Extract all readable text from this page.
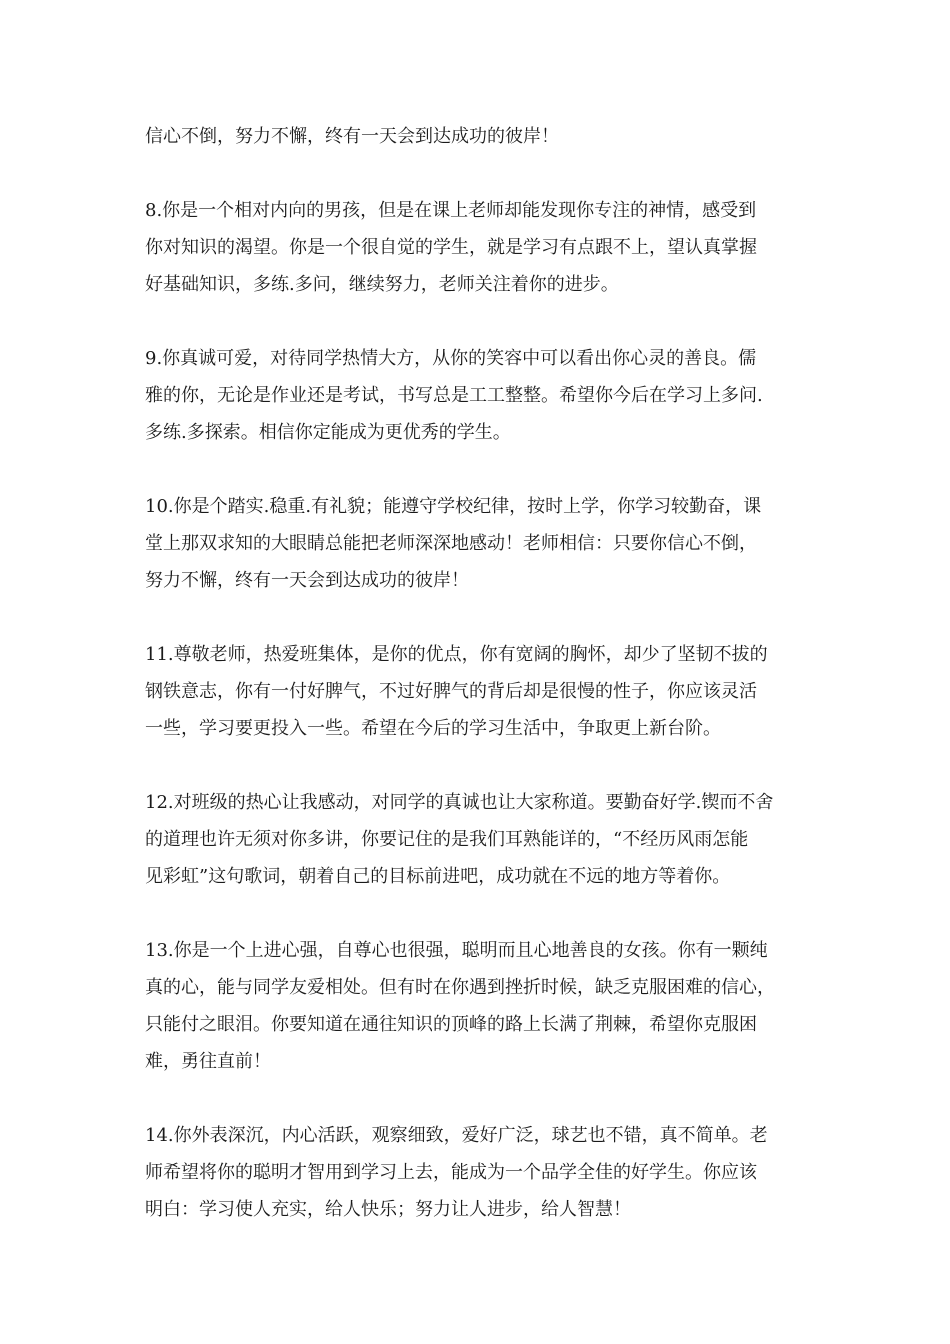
信心不倒，努力不懈，终有一天会到达成功的彼岸！
8.你是一个相对内向的男孩，但是在课上老师却能发现你专注的神情，感受到
你对知识的渴望。你是一个很自觉的学生，就是学习有点跟不上，望认真掌握
好基础知识，多练.多问，继续努力，老师关注着你的进步。
9.你真诚可爱，对待同学热情大方，从你的笑容中可以看出你心灵的善良。儒
雅的你，无论是作业还是考试，书写总是工工整整。希望你今后在学习上多问.
多练.多探索。相信你定能成为更优秀的学生。
10.你是个踏实.稳重.有礼貌；能遵守学校纪律，按时上学，你学习较勤奋，课
堂上那双求知的大眼睛总能把老师深深地感动！老师相信：只要你信心不倒，
努力不懈，终有一天会到达成功的彼岸！
11.尊敬老师，热爱班集体，是你的优点，你有宽阔的胸怀，却少了坚韧不拔的
钢铁意志，你有一付好脾气，不过好脾气的背后却是很慢的性子，你应该灵活
一些，学习要更投入一些。希望在今后的学习生活中，争取更上新台阶。
12.对班级的热心让我感动，对同学的真诚也让大家称道。要勤奋好学.锲而不舍
的道理也许无须对你多讲，你要记住的是我们耳熟能详的，“不经历风雨怎能
见彩虹”这句歌词，朝着自己的目标前进吧，成功就在不远的地方等着你。
13.你是一个上进心强，自尊心也很强，聪明而且心地善良的女孩。你有一颗纯
真的心，能与同学友爱相处。但有时在你遇到挫折时候，缺乏克服困难的信心，
只能付之眼泪。你要知道在通往知识的顶峰的路上长满了荆棘，希望你克服困
难，勇往直前！
14.你外表深沉，内心活跃，观察细致，爱好广泛，球艺也不错，真不简单。老
师希望将你的聪明才智用到学习上去，能成为一个品学全佳的好学生。你应该
明白：学习使人充实，给人快乐；努力让人进步，给人智慧！
